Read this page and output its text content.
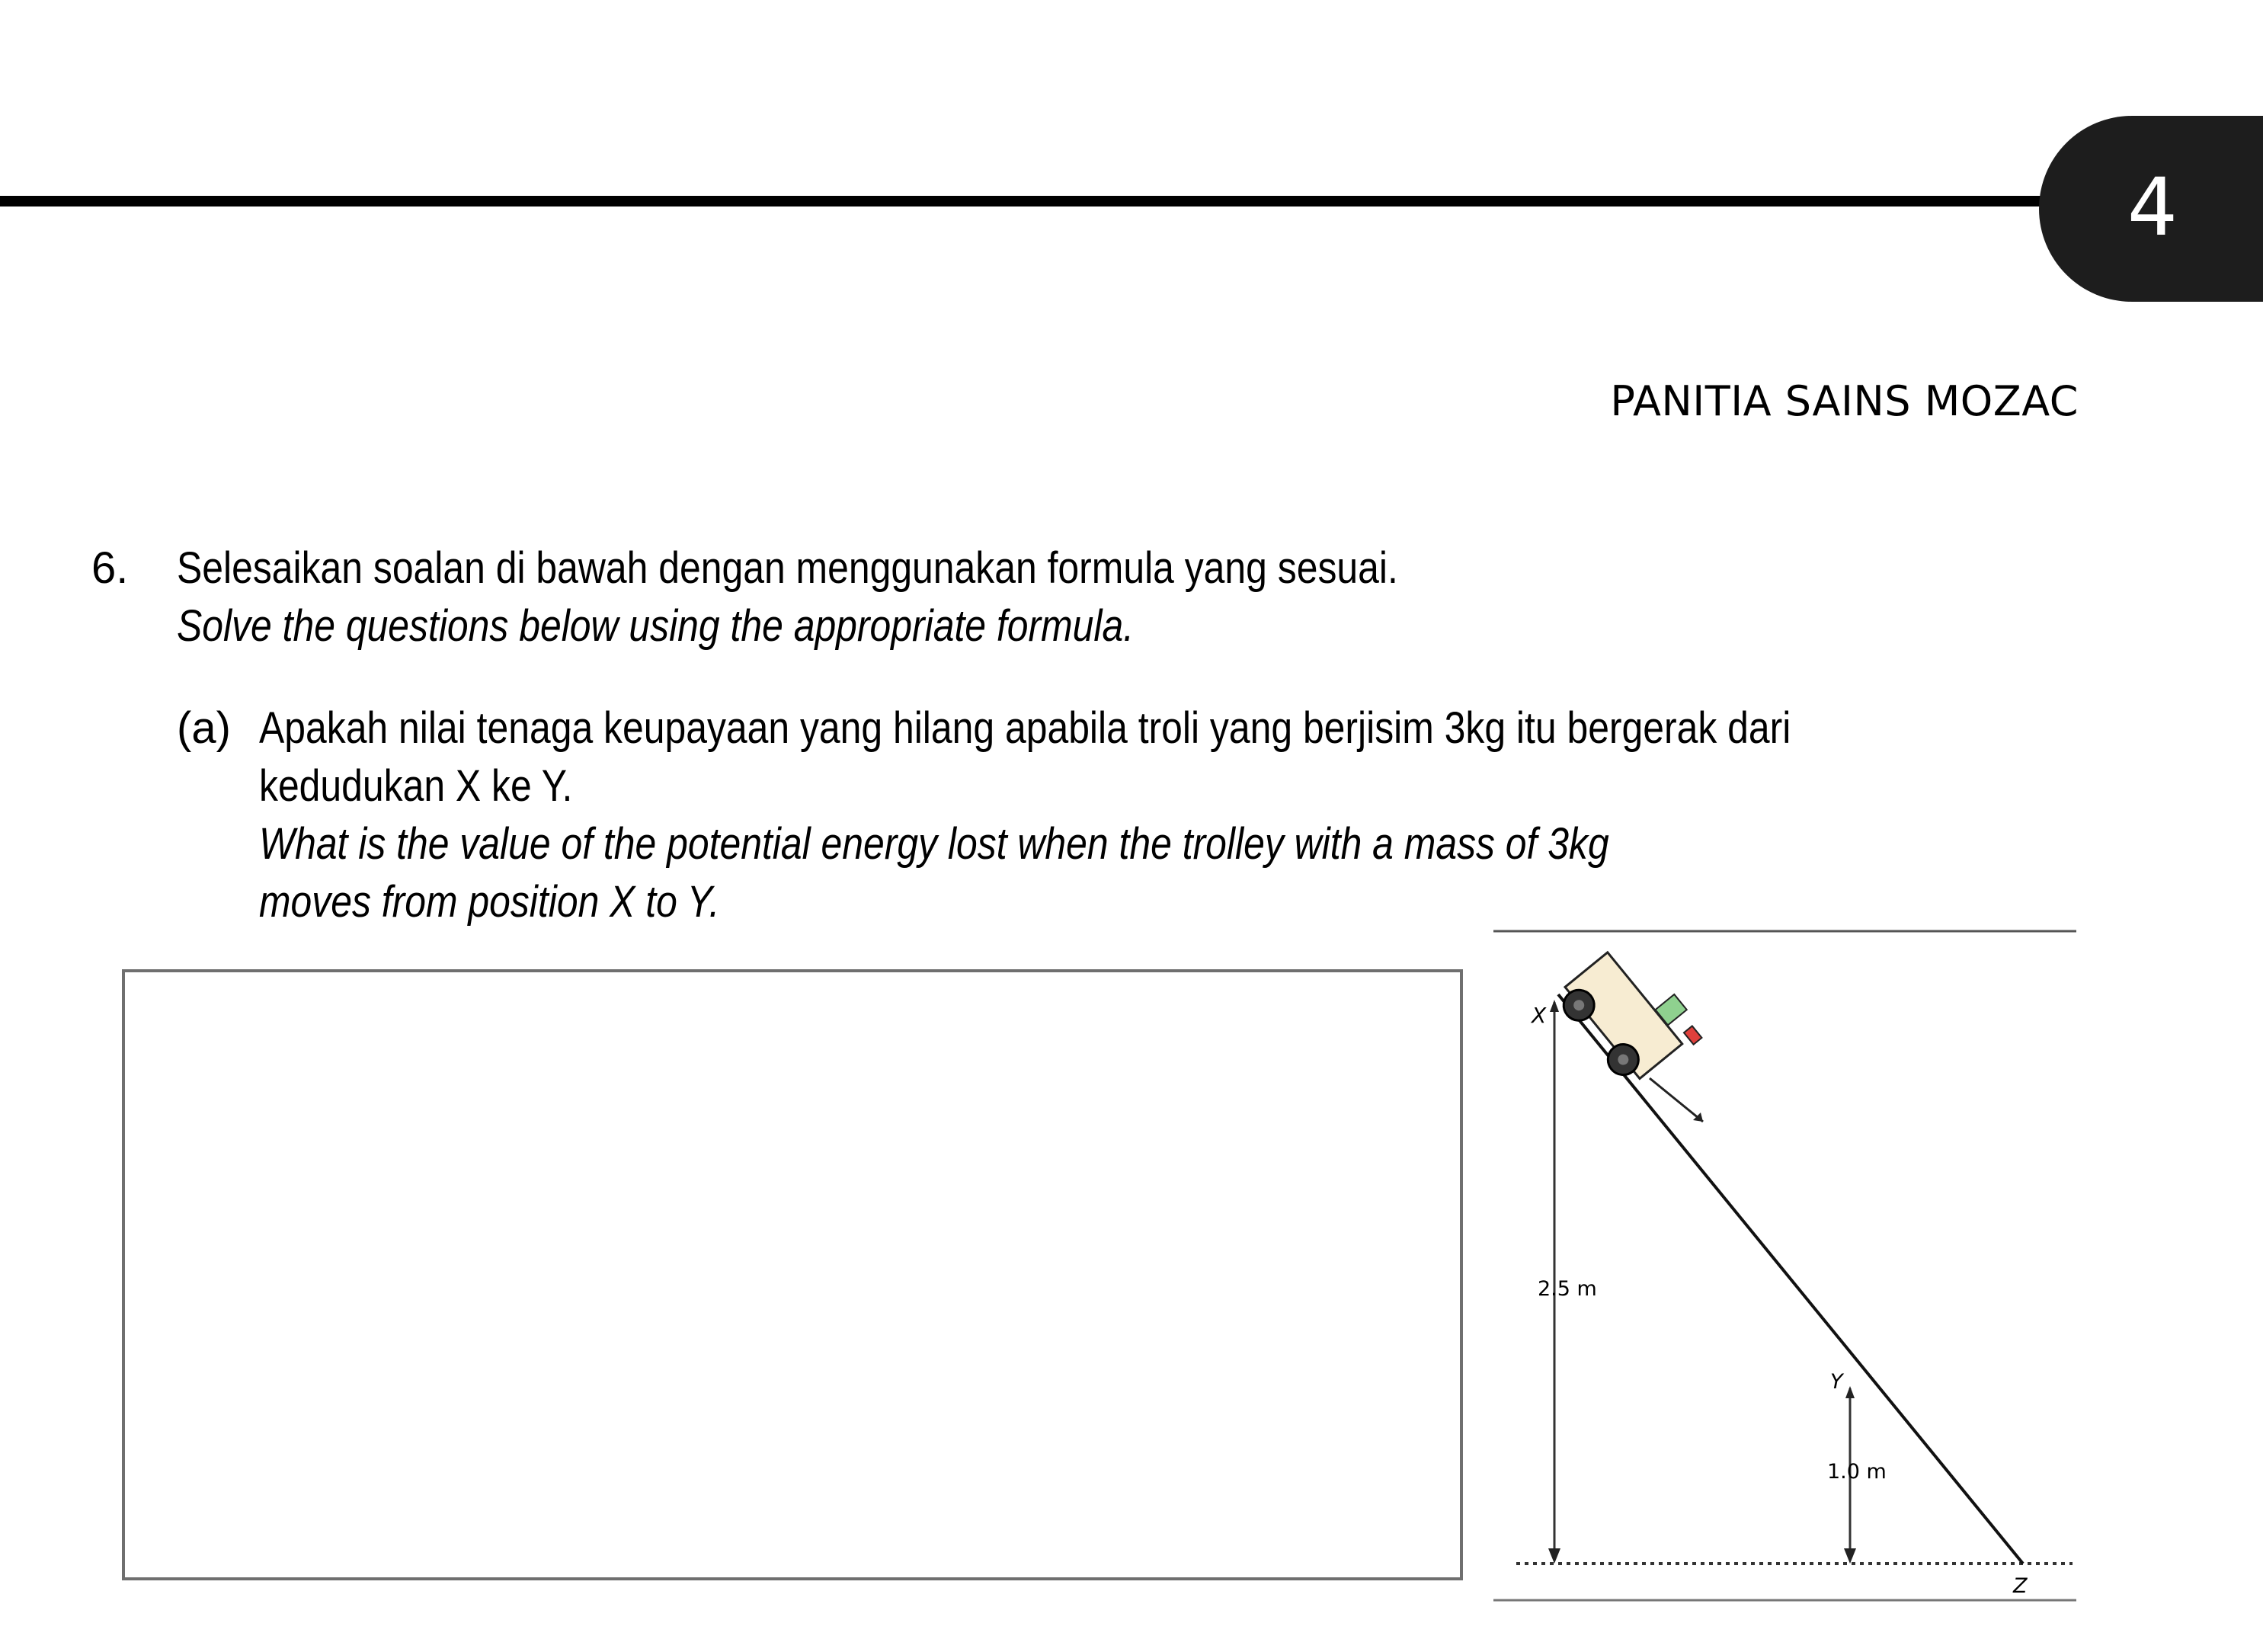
4
PANITIA SAINS MOZAC
6. Selesaikan soalan di bawah dengan menggunakan formula yang sesuai.
Solve the questions below using the appropriate formula.
(a) Apakah nilai tenaga keupayaan yang hilang apabila troli yang berjisim 3kg itu bergerak dari
kedudukan X ke Y.
What is the value of the potential energy lost when the trolley with a mass of 3kg
moves from position X to Y.
X
2.5 m
Y
1.0 m
Z
